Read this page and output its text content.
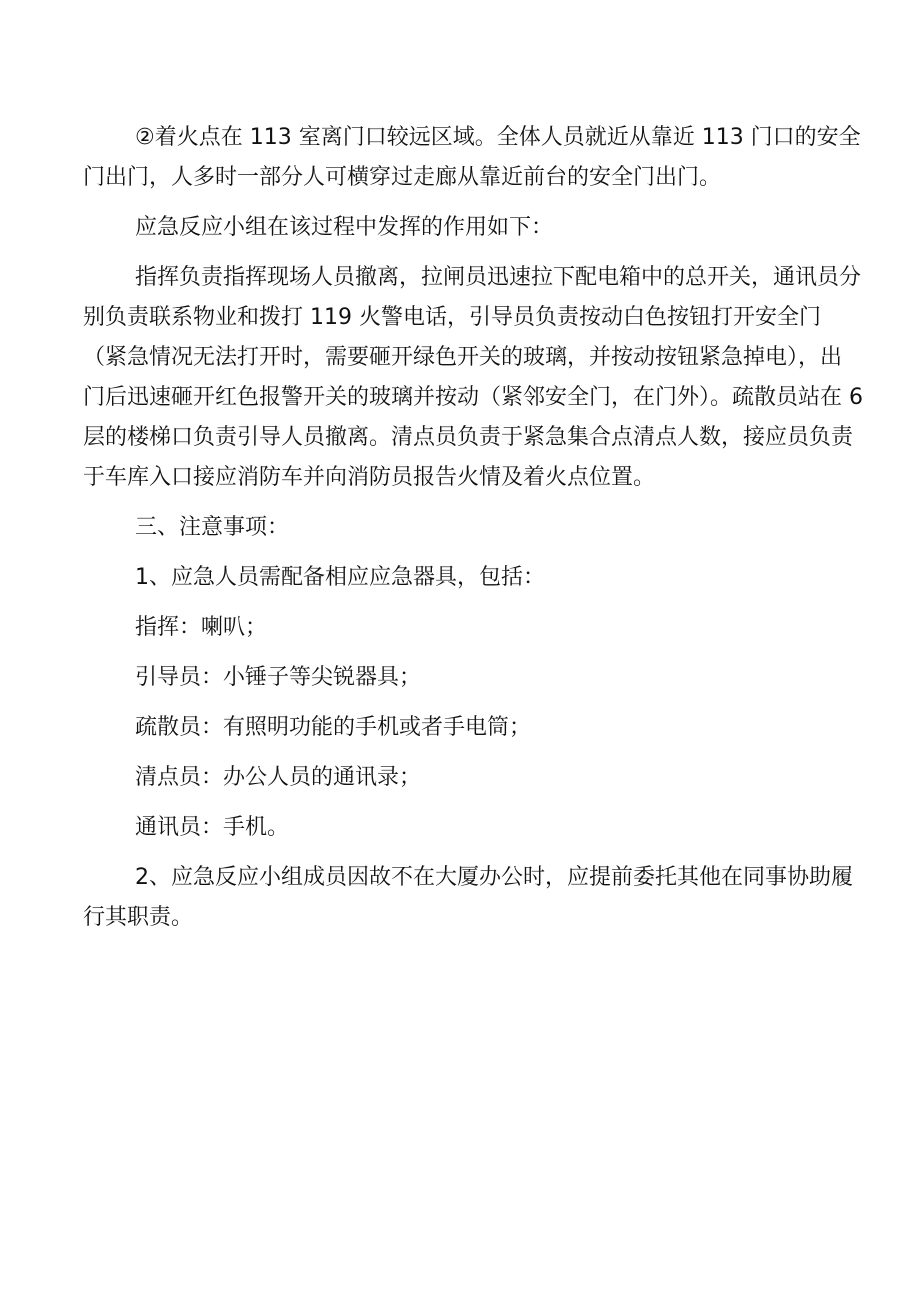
②着火点在 113 室离门口较远区域。全体人员就近从靠近 113 门口的安全门出门，人多时一部分人可横穿过走廊从靠近前台的安全门出门。

应急反应小组在该过程中发挥的作用如下：

指挥负责指挥现场人员撤离，拉闸员迅速拉下配电箱中的总开关，通讯员分别负责联系物业和拨打 119 火警电话，引导员负责按动白色按钮打开安全门（紧急情况无法打开时，需要砸开绿色开关的玻璃，并按动按钮紧急掉电），出门后迅速砸开红色报警开关的玻璃并按动（紧邻安全门，在门外）。疏散员站在 6 层的楼梯口负责引导人员撤离。清点员负责于紧急集合点清点人数，接应员负责于车库入口接应消防车并向消防员报告火情及着火点位置。

三、注意事项：

1、应急人员需配备相应应急器具，包括：

指挥：喇叭；

引导员：小锤子等尖锐器具；

疏散员：有照明功能的手机或者手电筒；

清点员：办公人员的通讯录；

通讯员：手机。

2、应急反应小组成员因故不在大厦办公时，应提前委托其他在同事协助履行其职责。
